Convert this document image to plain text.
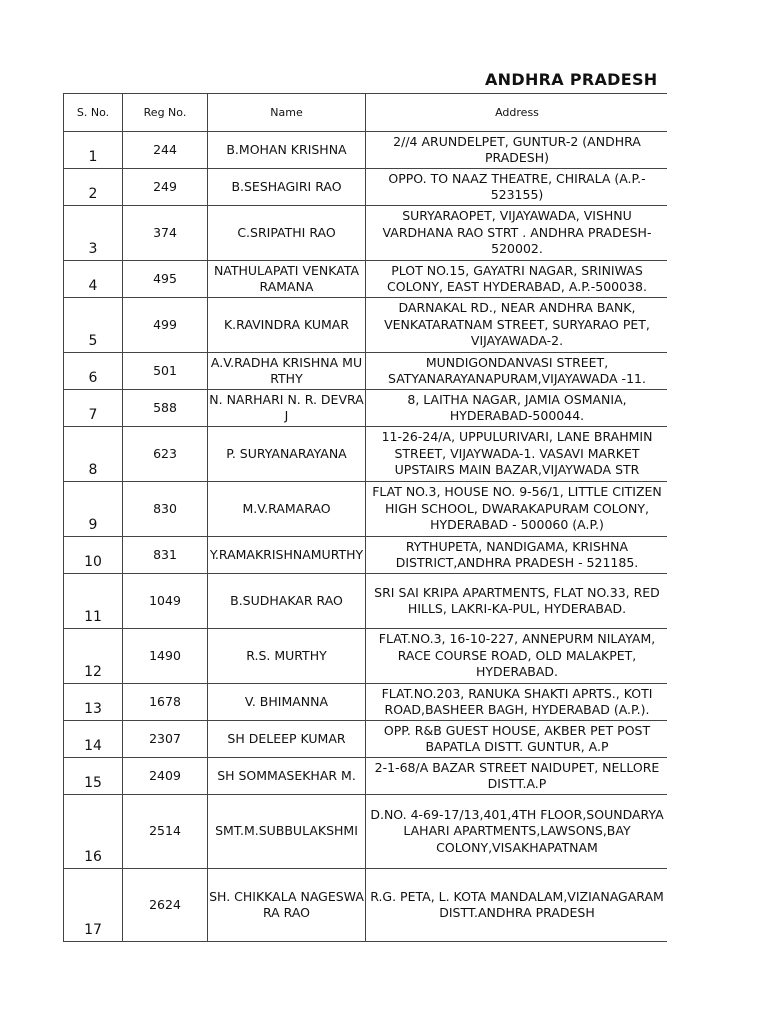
ANDHRA PRADESH
S. No.	Reg No.	Name	Address
1	244	B.MOHAN KRISHNA	2//4 ARUNDELPET, GUNTUR-2 (ANDHRA PRADESH)

2	249	B.SESHAGIRI RAO	OPPO. TO NAAZ THEATRE, CHIRALA (A.P.- 523155)

3	374	C.SRIPATHI RAO	SURYARAOPET, VIJAYAWADA, VISHNU VARDHANA RAO STRT . ANDHRA PRADESH- 520002.

4	495	NATHULAPATI VENKATA RAMANA	PLOT NO.15, GAYATRI NAGAR, SRINIWAS COLONY, EAST HYDERABAD, A.P.-500038.

5	499	K.RAVINDRA KUMAR	DARNAKAL RD., NEAR ANDHRA BANK, VENKATARATNAM STREET, SURYARAO PET, VIJAYAWADA-2.

6	501	A.V.RADHA KRISHNA MURTHY	MUNDIGONDANVASI STREET, SATYANARAYANAPURAM,VIJAYAWADA -11.

7	588	N. NARHARI N. R. DEVRAJ	8, LAITHA NAGAR, JAMIA OSMANIA, HYDERABAD-500044.

8	623	P. SURYANARAYANA	11-26-24/A, UPPULURIVARI, LANE BRAHMIN STREET, VIJAYWADA-1. VASAVI MARKET UPSTAIRS MAIN BAZAR,VIJAYWADA STR

9	830	M.V.RAMARAO	FLAT NO.3, HOUSE NO. 9-56/1, LITTLE CITIZEN HIGH SCHOOL, DWARAKAPURAM COLONY, HYDERABAD - 500060 (A.P.)

10	831	Y.RAMAKRISHNAMURTHY	RYTHUPETA, NANDIGAMA, KRISHNA DISTRICT,ANDHRA PRADESH - 521185.

11	1049	B.SUDHAKAR RAO	SRI SAI KRIPA APARTMENTS, FLAT NO.33, RED HILLS, LAKRI-KA-PUL, HYDERABAD.

12	1490	R.S. MURTHY	FLAT.NO.3, 16-10-227, ANNEPURM NILAYAM, RACE COURSE ROAD, OLD MALAKPET, HYDERABAD.

13	1678	V. BHIMANNA	FLAT.NO.203, RANUKA SHAKTI APRTS., KOTI ROAD,BASHEER BAGH, HYDERABAD (A.P.).

14	2307	SH DELEEP KUMAR	OPP. R&B GUEST HOUSE, AKBER PET POST BAPATLA DISTT. GUNTUR, A.P

15	2409	SH SOMMASEKHAR M.	2-1-68/A BAZAR STREET NAIDUPET, NELLORE DISTT.A.P

16	2514	SMT.M.SUBBULAKSHMI	D.NO. 4-69-17/13,401,4TH FLOOR,SOUNDARYA LAHARI APARTMENTS,LAWSONS,BAY COLONY,VISAKHAPATNAM

17	2624	SH. CHIKKALA NAGESWARA RAO	R.G. PETA, L. KOTA MANDALAM,VIZIANAGARAM DISTT.ANDHRA PRADESH
